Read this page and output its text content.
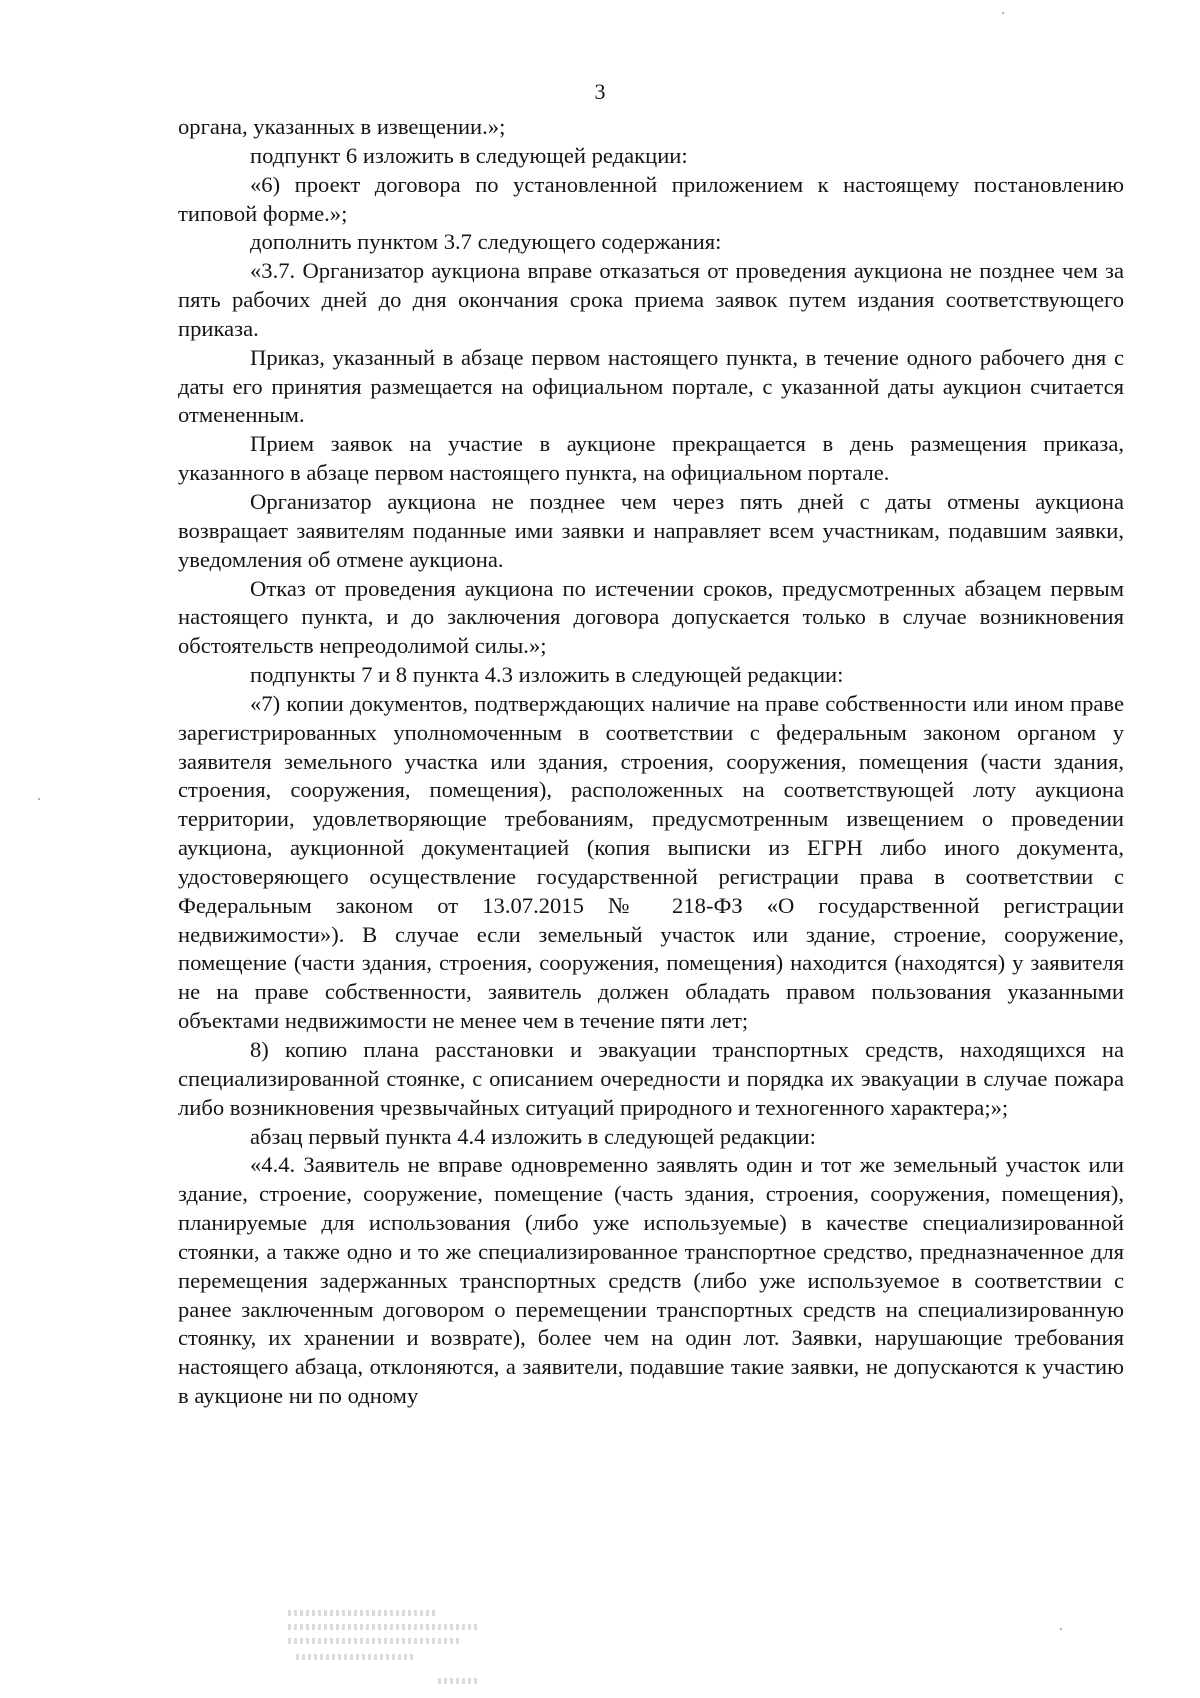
3

органа, указанных в извещении.»;

подпункт 6 изложить в следующей редакции:

«6) проект договора по установленной приложением к настоящему постановлению типовой форме.»;

дополнить пунктом 3.7 следующего содержания:

«3.7. Организатор аукциона вправе отказаться от проведения аукциона не позднее чем за пять рабочих дней до дня окончания срока приема заявок путем издания соответствующего приказа.

Приказ, указанный в абзаце первом настоящего пункта, в течение одного рабочего дня с даты его принятия размещается на официальном портале, с указанной даты аукцион считается отмененным.

Прием заявок на участие в аукционе прекращается в день размещения приказа, указанного в абзаце первом настоящего пункта, на официальном портале.

Организатор аукциона не позднее чем через пять дней с даты отмены аукциона возвращает заявителям поданные ими заявки и направляет всем участникам, подавшим заявки, уведомления об отмене аукциона.

Отказ от проведения аукциона по истечении сроков, предусмотренных абзацем первым настоящего пункта, и до заключения договора допускается только в случае возникновения обстоятельств непреодолимой силы.»;

подпункты 7 и 8 пункта 4.3 изложить в следующей редакции:

«7) копии документов, подтверждающих наличие на праве собственности или ином праве зарегистрированных уполномоченным в соответствии с федеральным законом органом у заявителя земельного участка или здания, строения, сооружения, помещения (части здания, строения, сооружения, помещения), расположенных на соответствующей лоту аукциона территории, удовлетворяющие требованиям, предусмотренным извещением о проведении аукциона, аукционной документацией (копия выписки из ЕГРН либо иного документа, удостоверяющего осуществление государственной регистрации права в соответствии с Федеральным законом от 13.07.2015 № 218-ФЗ «О государственной регистрации недвижимости»). В случае если земельный участок или здание, строение, сооружение, помещение (части здания, строения, сооружения, помещения) находится (находятся) у заявителя не на праве собственности, заявитель должен обладать правом пользования указанными объектами недвижимости не менее чем в течение пяти лет;

8) копию плана расстановки и эвакуации транспортных средств, находящихся на специализированной стоянке, с описанием очередности и порядка их эвакуации в случае пожара либо возникновения чрезвычайных ситуаций природного и техногенного характера;»;

абзац первый пункта 4.4 изложить в следующей редакции:

«4.4. Заявитель не вправе одновременно заявлять один и тот же земельный участок или здание, строение, сооружение, помещение (часть здания, строения, сооружения, помещения), планируемые для использования (либо уже используемые) в качестве специализированной стоянки, а также одно и то же специализированное транспортное средство, предназначенное для перемещения задержанных транспортных средств (либо уже используемое в соответствии с ранее заключенным договором о перемещении транспортных средств на специализированную стоянку, их хранении и возврате), более чем на один лот. Заявки, нарушающие требования настоящего абзаца, отклоняются, а заявители, подавшие такие заявки, не допускаются к участию в аукционе ни по одному
